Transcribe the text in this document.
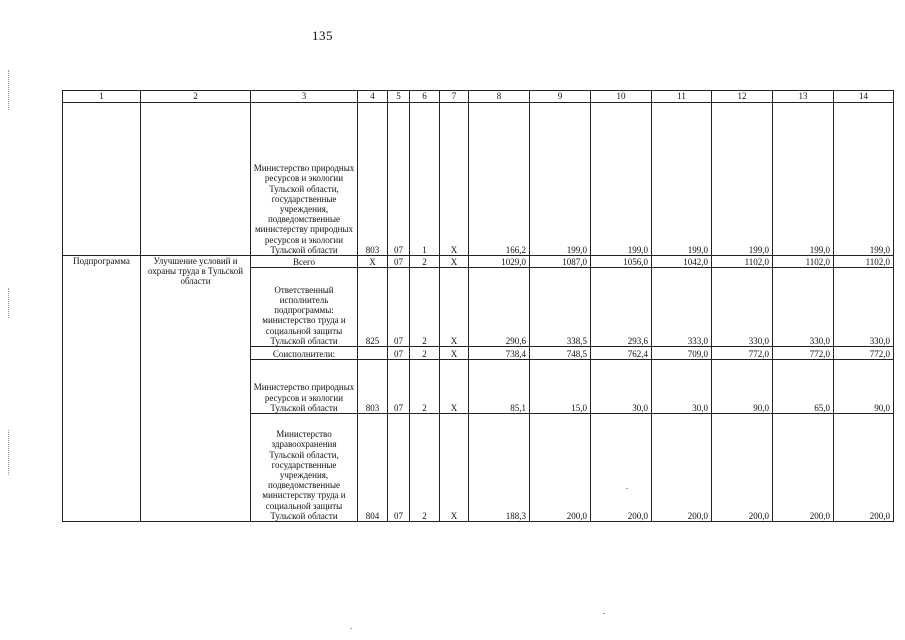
135
1	2	3	4	5	6	7	8	9	10	11	12	13	14
		Министерство природных ресурсов и экологии Тульской области, государственные учреждения, подведомственные министерству природных ресурсов и экологии Тульской области	803	07	1	Х	166,2	199,0	199,0	199,0	199,0	199,0	199,0
Подпрограмма	Улучшение условий и охраны труда в Тульской области	Всего	Х	07	2	Х	1029,0	1087,0	1056,0	1042,0	1102,0	1102,0	1102,0
		Ответственный исполнитель подпрограммы: министерство труда и социальной защиты Тульской области	825	07	2	Х	290,6	338,5	293,6	333,0	330,0	330,0	330,0
		Соисполнители:		07	2	Х	738,4	748,5	762,4	709,0	772,0	772,0	772,0
		Министерство природных ресурсов и экологии Тульской области	803	07	2	Х	85,1	15,0	30,0	30,0	90,0	65,0	90,0
		Министерство здравоохранения Тульской области, государственные учреждения, подведомственные министерству труда и социальной защиты Тульской области	804	07	2	Х	188,3	200,0	200,0	200,0	200,0	200,0	200,0
